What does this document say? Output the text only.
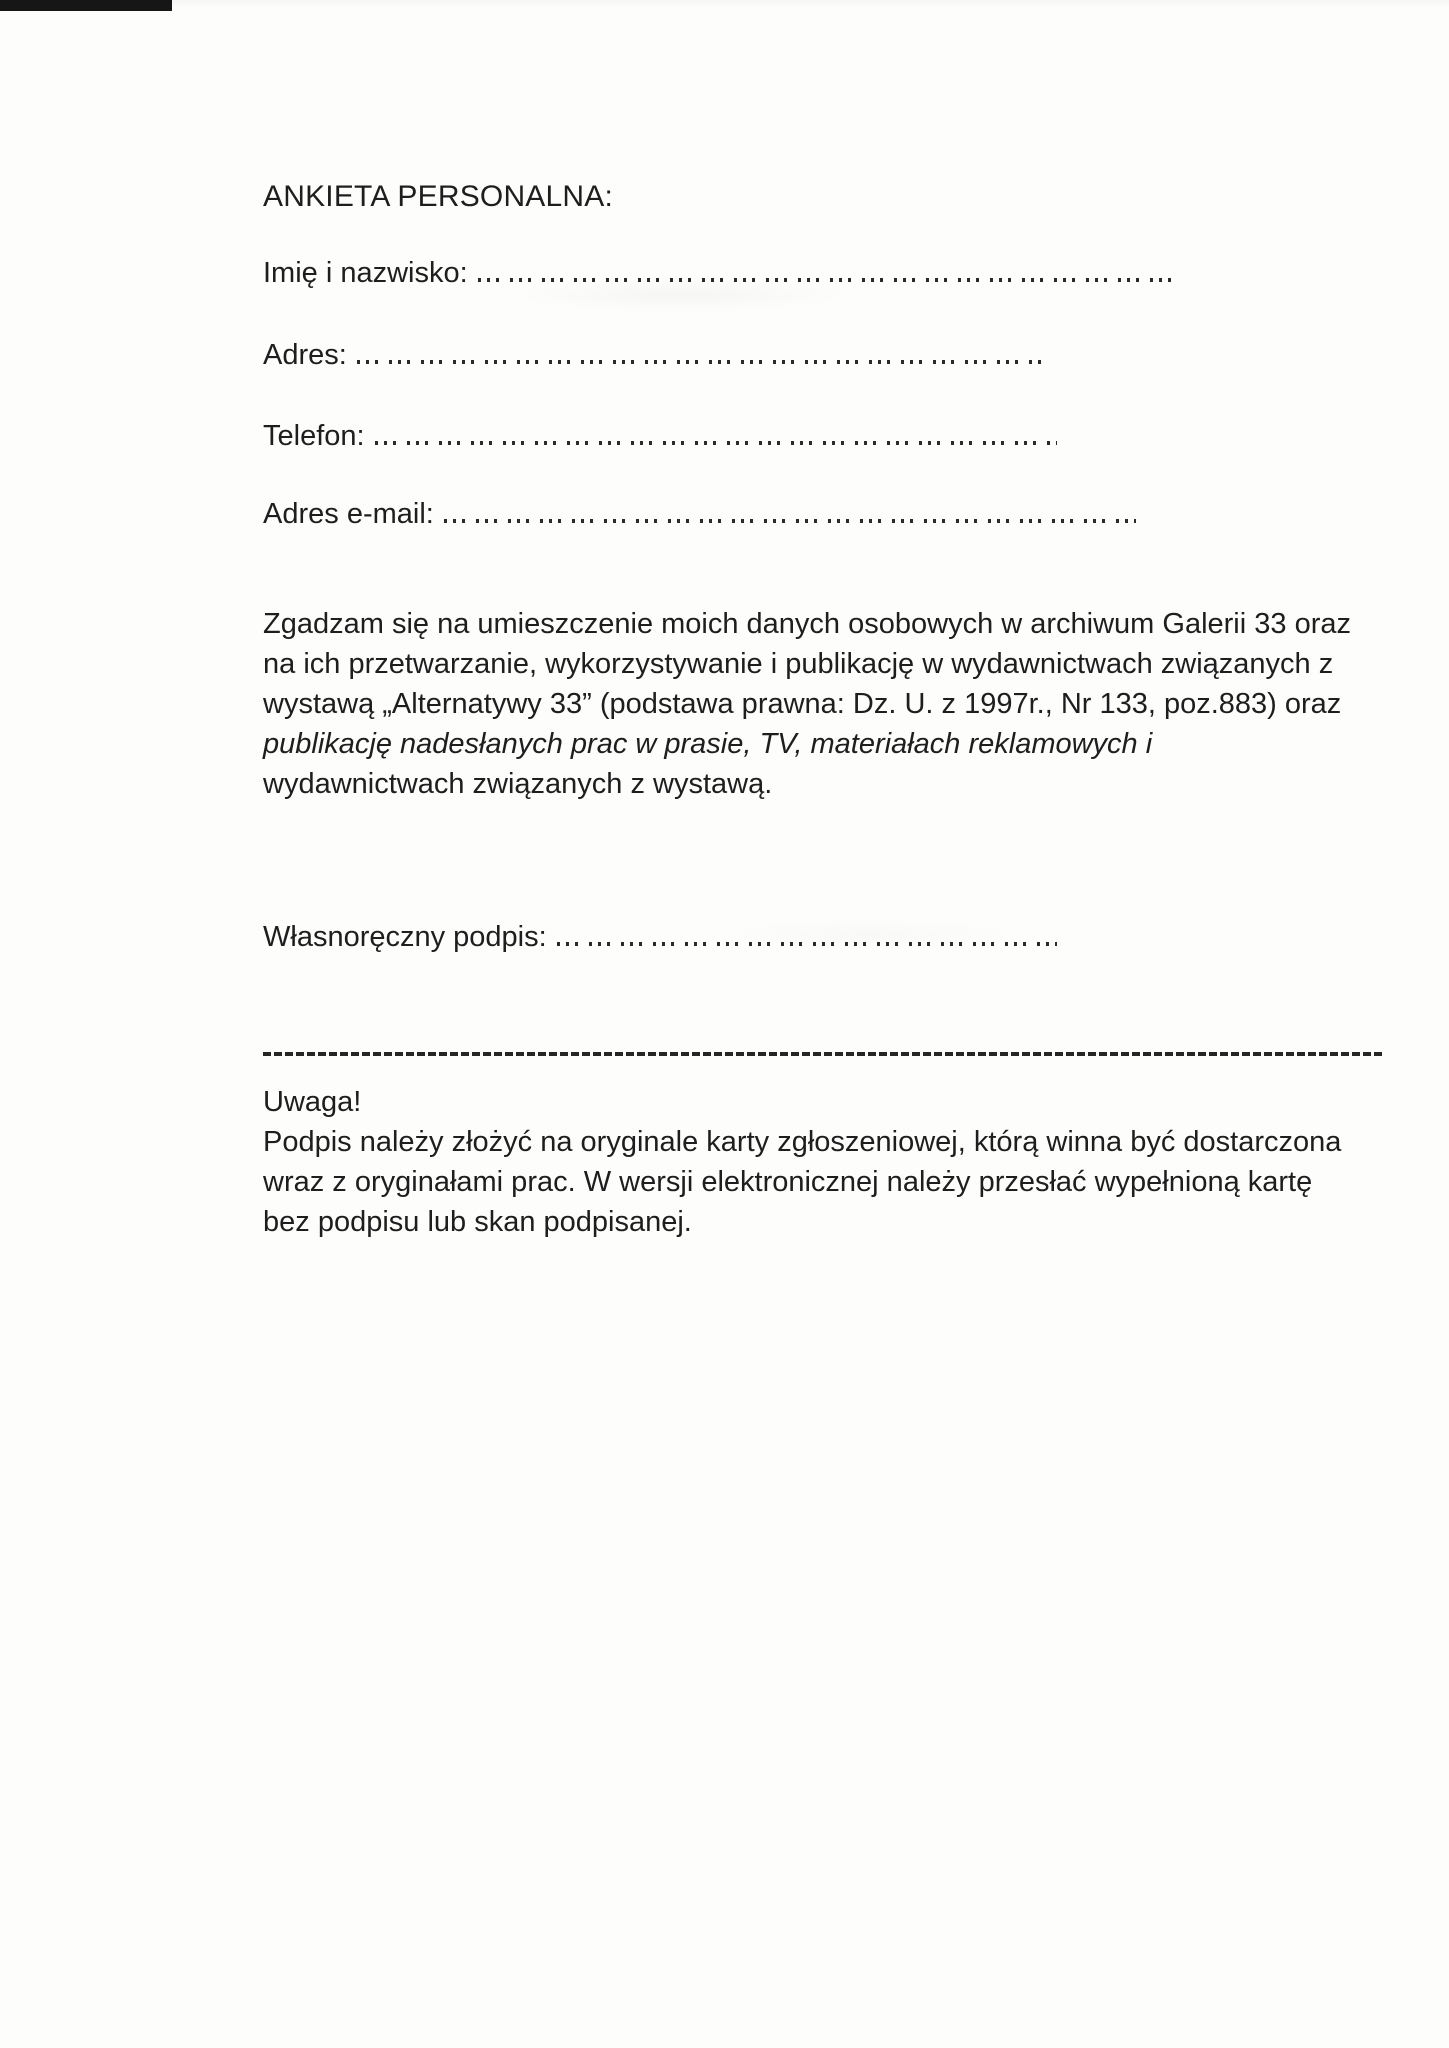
ANKIETA PERSONALNA:
Imię i nazwisko:
Adres:
Telefon:
Adres e-mail:
Zgadzam się na umieszczenie moich danych osobowych w archiwum Galerii 33 oraz
na ich przetwarzanie, wykorzystywanie i publikację w wydawnictwach związanych z
wystawą „Alternatywy 33” (podstawa prawna: Dz. U. z 1997r., Nr 133, poz.883) oraz
publikację nadesłanych prac w prasie, TV, materiałach reklamowych i
wydawnictwach związanych z wystawą.
Własnoręczny podpis:
Uwaga!
Podpis należy złożyć na oryginale karty zgłoszeniowej, którą winna być dostarczona
wraz z oryginałami prac. W wersji elektronicznej należy przesłać wypełnioną kartę
bez podpisu lub skan podpisanej.
